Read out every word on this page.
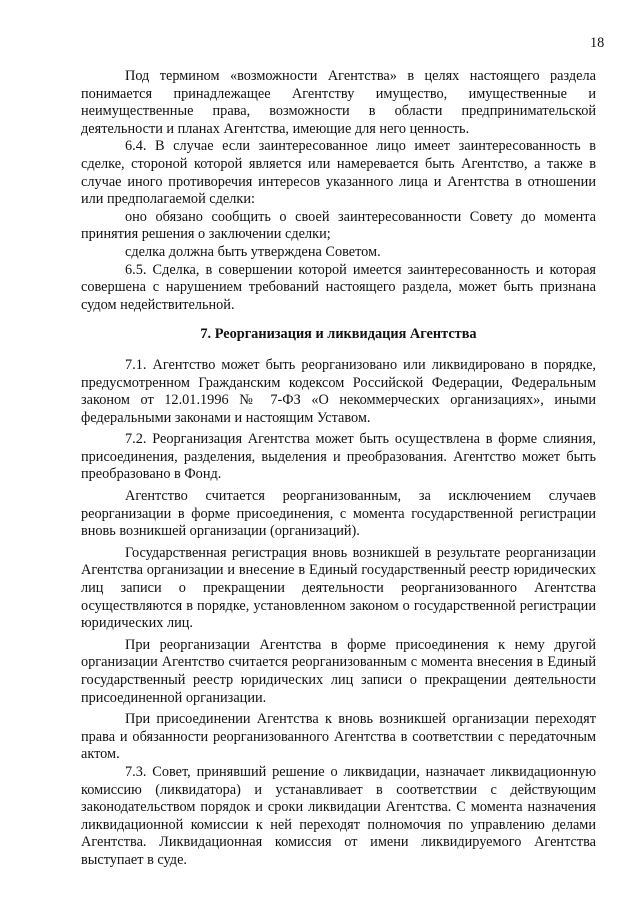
18

Под термином «возможности Агентства» в целях настоящего раздела понимается принадлежащее Агентству имущество, имущественные и неимущественные права, возможности в области предпринимательской деятельности и планах Агентства, имеющие для него ценность.

6.4. В случае если заинтересованное лицо имеет заинтересованность в сделке, стороной которой является или намеревается быть Агентство, а также в случае иного противоречия интересов указанного лица и Агентства в отношении или предполагаемой сделки:

оно обязано сообщить о своей заинтересованности Совету до момента принятия решения о заключении сделки;

сделка должна быть утверждена Советом.

6.5. Сделка, в совершении которой имеется заинтересованность и которая совершена с нарушением требований настоящего раздела, может быть признана судом недействительной.

7. Реорганизация и ликвидация Агентства

7.1. Агентство может быть реорганизовано или ликвидировано в порядке, предусмотренном Гражданским кодексом Российской Федерации, Федеральным законом от 12.01.1996 № 7-ФЗ «О некоммерческих организациях», иными федеральными законами и настоящим Уставом.

7.2. Реорганизация Агентства может быть осуществлена в форме слияния, присоединения, разделения, выделения и преобразования. Агентство может быть преобразовано в Фонд.

Агентство считается реорганизованным, за исключением случаев реорганизации в форме присоединения, с момента государственной регистрации вновь возникшей организации (организаций).

Государственная регистрация вновь возникшей в результате реорганизации Агентства организации и внесение в Единый государственный реестр юридических лиц записи о прекращении деятельности реорганизованного Агентства осуществляются в порядке, установленном законом о государственной регистрации юридических лиц.

При реорганизации Агентства в форме присоединения к нему другой организации Агентство считается реорганизованным с момента внесения в Единый государственный реестр юридических лиц записи о прекращении деятельности присоединенной организации.

При присоединении Агентства к вновь возникшей организации переходят права и обязанности реорганизованного Агентства в соответствии с передаточным актом.

7.3. Совет, принявший решение о ликвидации, назначает ликвидационную комиссию (ликвидатора) и устанавливает в соответствии с действующим законодательством порядок и сроки ликвидации Агентства. С момента назначения ликвидационной комиссии к ней переходят полномочия по управлению делами Агентства. Ликвидационная комиссия от имени ликвидируемого Агентства выступает в суде.
